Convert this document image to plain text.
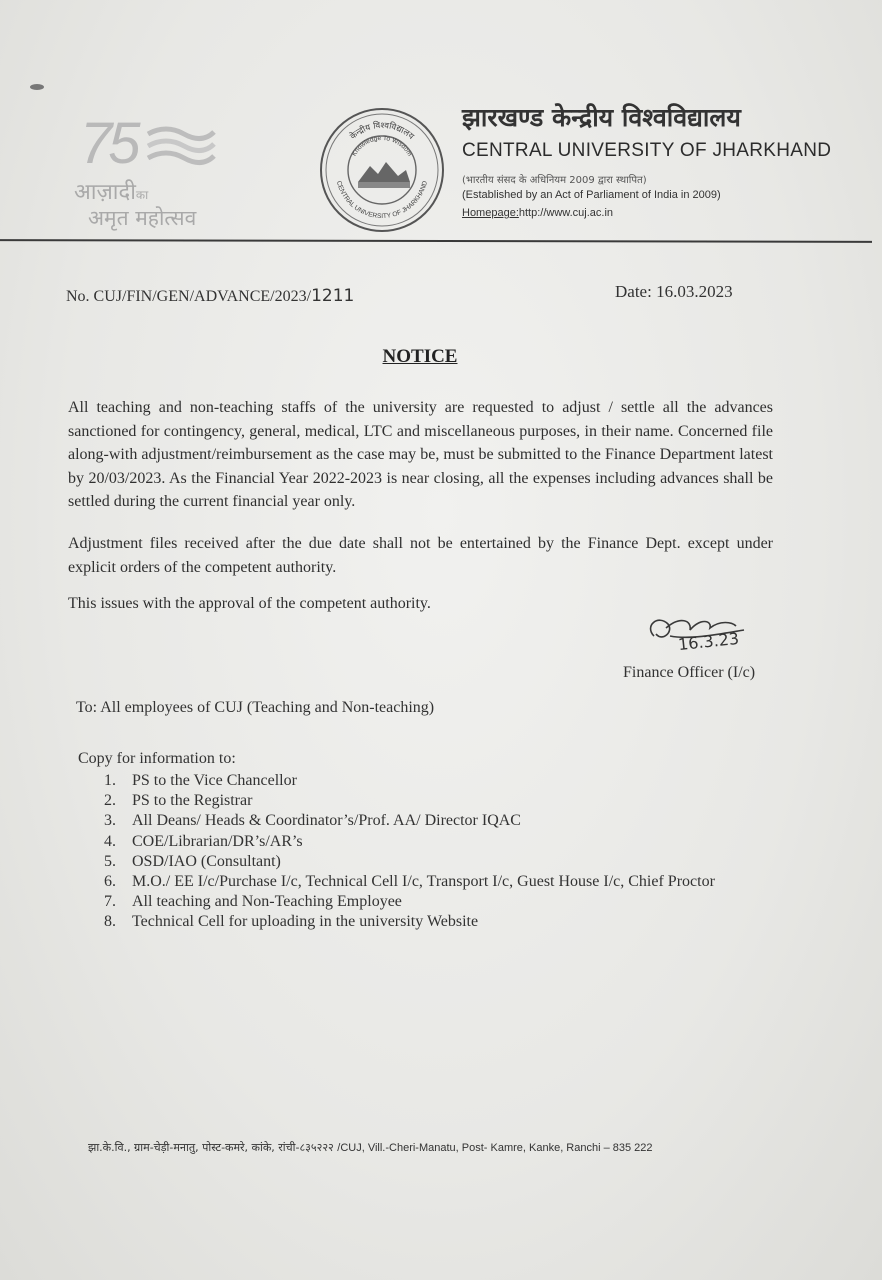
75
आज़ादीका
अमृत महोत्सव
केन्द्रीय विश्वविद्यालय
Knowledge To Wisdom
CENTRAL UNIVERSITY OF JHARKHAND
झारखण्ड केन्द्रीय विश्वविद्यालय
CENTRAL UNIVERSITY OF JHARKHAND
(भारतीय संसद के अधिनियम 2009 द्वारा स्थापित)
(Established by an Act of Parliament of India in 2009)
Homepage:http://www.cuj.ac.in
No. CUJ/FIN/GEN/ADVANCE/2023/1211	Date: 16.03.2023
NOTICE
All teaching and non-teaching staffs of the university are requested to adjust / settle all the advances sanctioned for contingency, general, medical, LTC and miscellaneous purposes, in their name. Concerned file along-with adjustment/reimbursement as the case may be, must be submitted to the Finance Department latest by 20/03/2023. As the Financial Year 2022-2023 is near closing, all the expenses including advances shall be settled during the current financial year only.
Adjustment files received after the due date shall not be entertained by the Finance Dept. except under explicit orders of the competent authority.
This issues with the approval of the competent authority.
16.3.23
Finance Officer (I/c)
To: All employees of CUJ (Teaching and Non-teaching)
Copy for information to:
1. PS to the Vice Chancellor
2. PS to the Registrar
3. All Deans/ Heads & Coordinator’s/Prof. AA/ Director IQAC
4. COE/Librarian/DR’s/AR’s
5. OSD/IAO (Consultant)
6. M.O./ EE I/c/Purchase I/c, Technical Cell I/c, Transport I/c, Guest House I/c, Chief Proctor
7. All teaching and Non-Teaching Employee
8. Technical Cell for uploading in the university Website
झा.के.वि., ग्राम-चेड़ी-मनातु, पोस्ट-कमरे, कांके, रांची-८३५२२२ /CUJ, Vill.-Cheri-Manatu, Post- Kamre, Kanke, Ranchi – 835 222
